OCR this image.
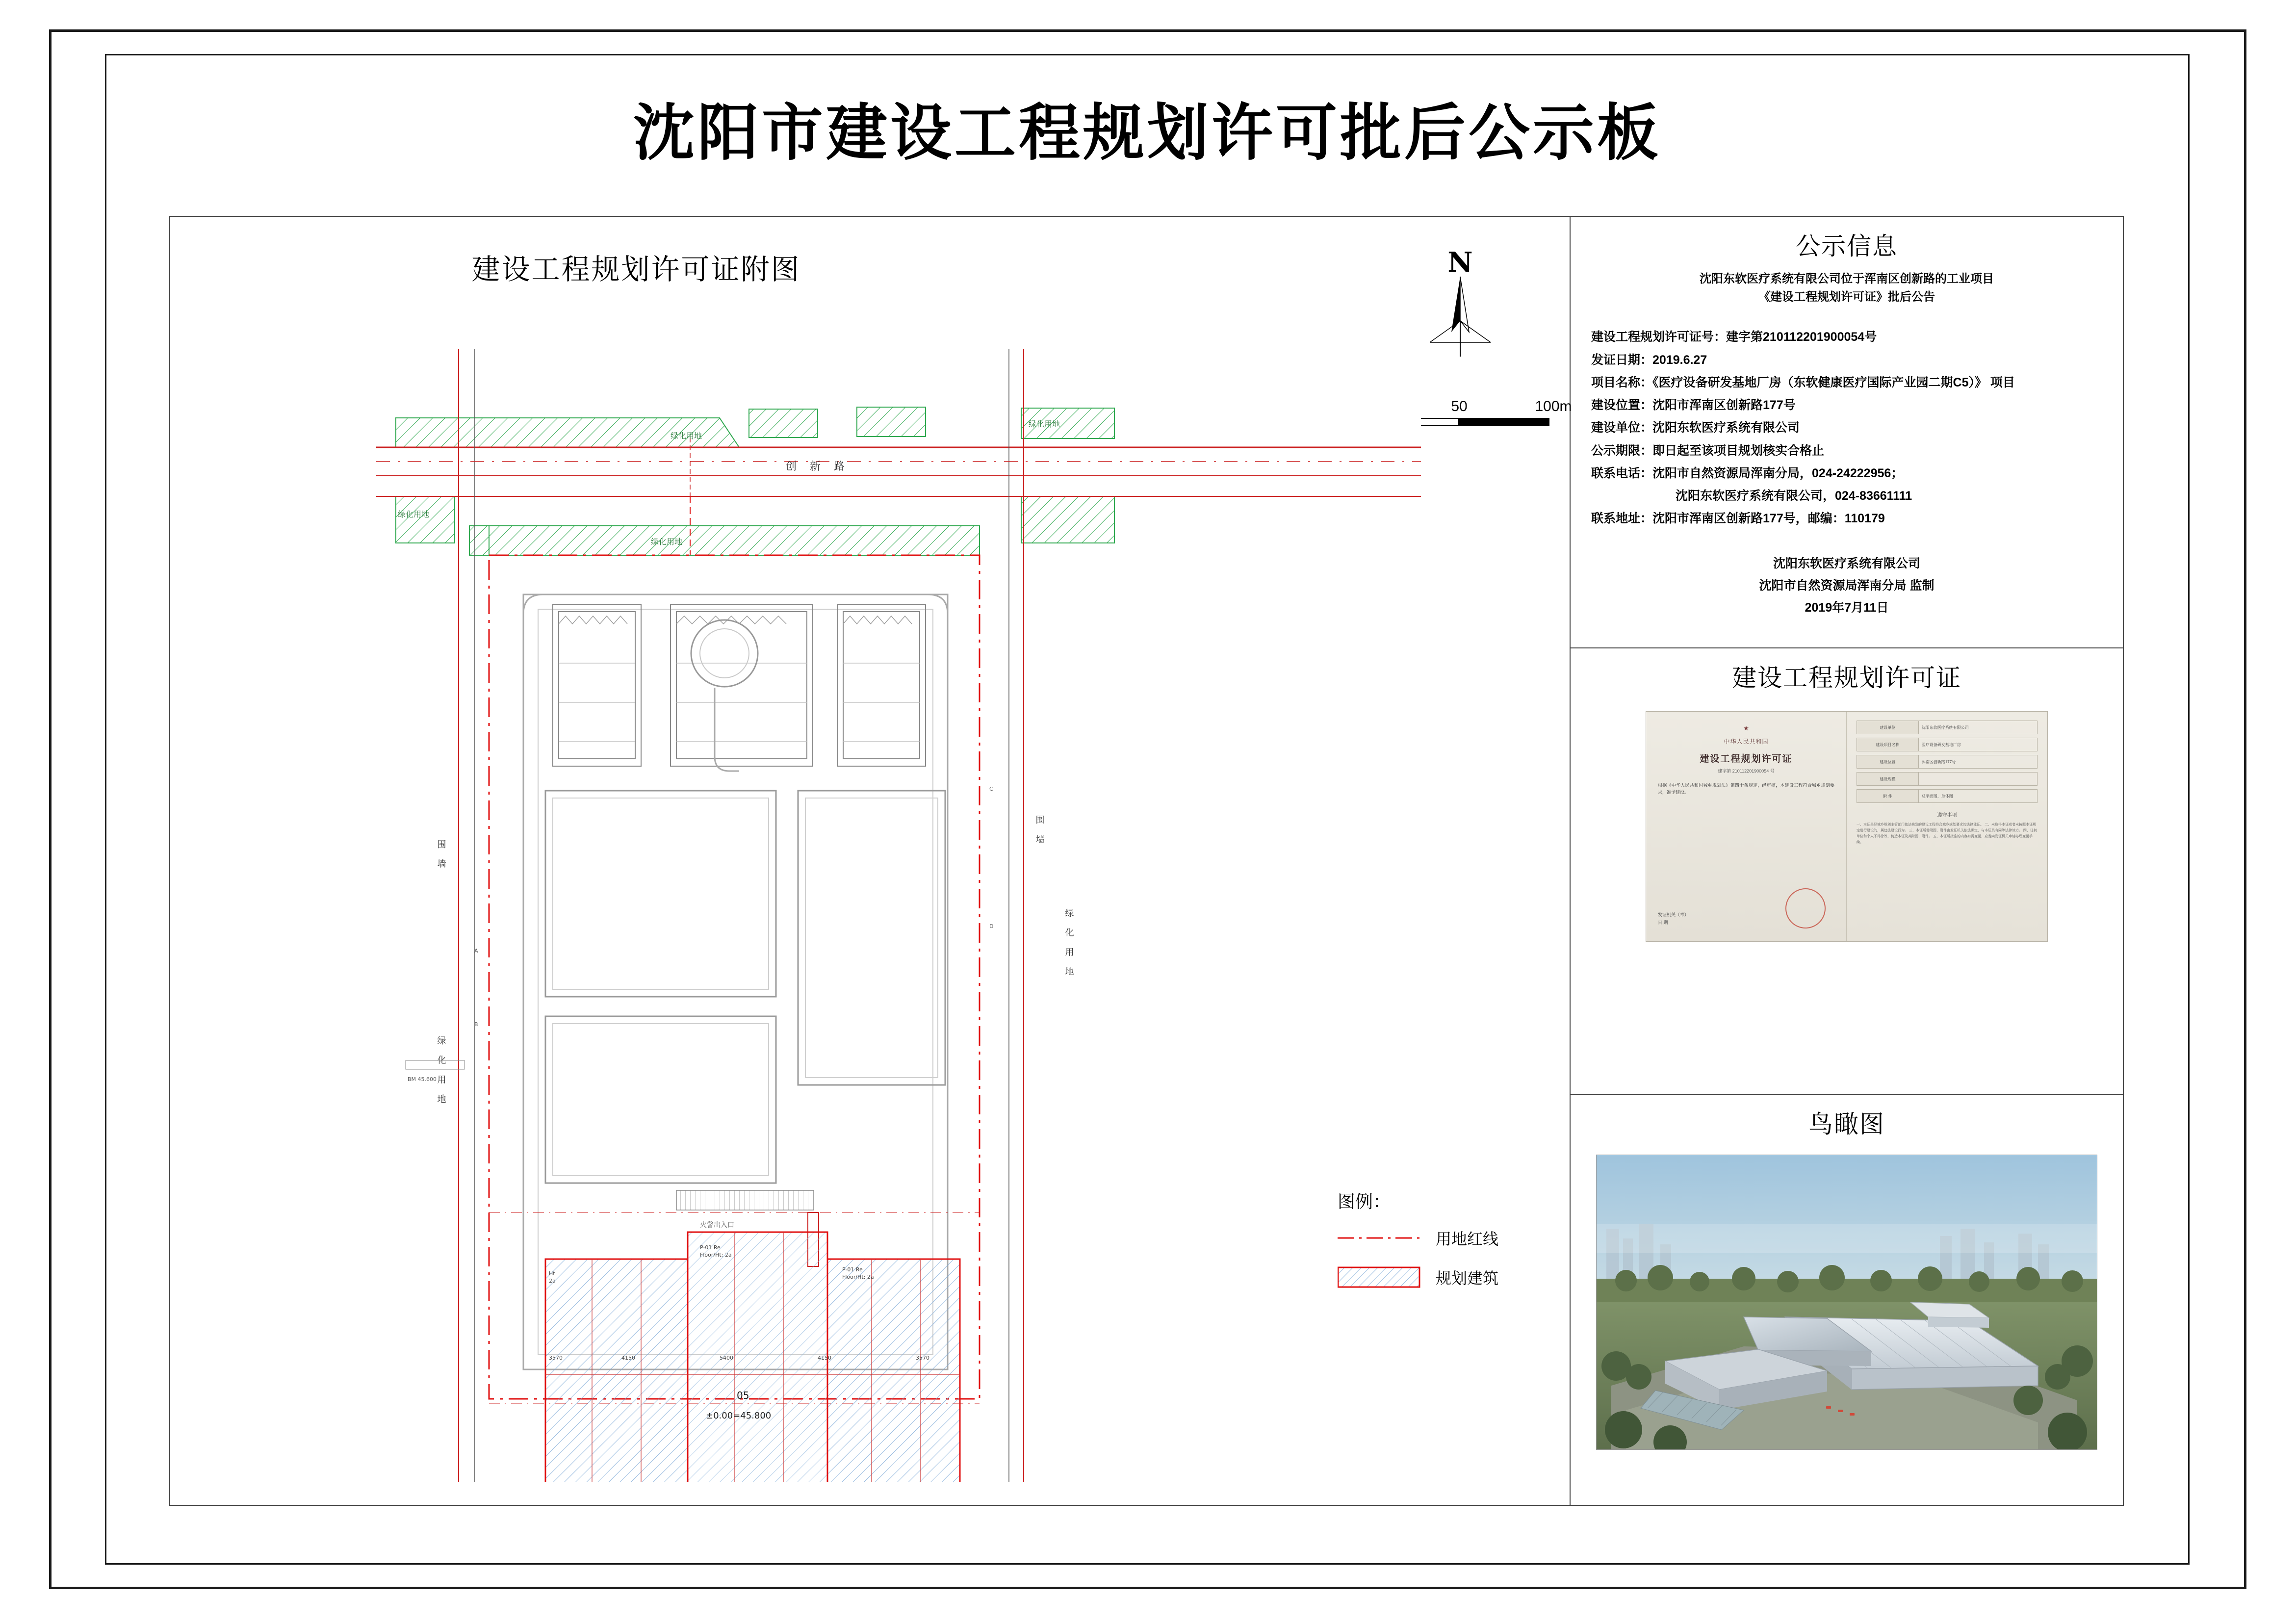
沈阳市建设工程规划许可批后公示板
建设工程规划许可证附图	N
50	100m
创 新 路
火警出入口
05
±0.00=45.800
P-01 Re
Floor/Ht: 2a
P-01 Re
Floor/Ht: 2a
Ht
2a
3570	4150	5400	4150	3570
围 墙
绿 化 用 地
围 墙
绿 化 用 地
绿化用地
绿化用地
绿化用地
绿化用地
A
B
C
D
BM 45.600
图例：
用地红线
规划建筑
公示信息
沈阳东软医疗系统有限公司位于浑南区创新路的工业项目
《建设工程规划许可证》批后公告
建设工程规划许可证号：建字第210112201900054号
发证日期：2019.6.27
项目名称：《医疗设备研发基地厂房（东软健康医疗国际产业园二期C5）》 项目
建设位置：沈阳市浑南区创新路177号
建设单位：沈阳东软医疗系统有限公司
公示期限：即日起至该项目规划核实合格止
联系电话：沈阳市自然资源局浑南分局，024-24222956；
沈阳东软医疗系统有限公司，024-83661111
联系地址：沈阳市浑南区创新路177号，邮编：110179
沈阳东软医疗系统有限公司
沈阳市自然资源局浑南分局 监制
2019年7月11日
建设工程规划许可证
★
中华人民共和国
建设工程规划许可证
建字第 210112201900054 号
根据《中华人民共和国城乡规划法》第四十条规定，经审核，本建设工程符合城乡规划要求，准予建设。
发证机关（章）
日 期
建设单位	沈阳东软医疗系统有限公司
建设项目名称	医疗设备研发基地厂房
建设位置	浑南区创新路177号
建设规模
附 件	总平面图、单体图
遵守事项
一、本证是经城乡规划主管部门依法核发的建设工程符合城乡规划要求的法律凭证。 二、未取得本证或者未按照本证规定进行建设的，属违法建设行为。 三、本证所需附图、附件由发证机关依法确定，与本证具有同等法律效力。 四、任何单位和个人不得涂改、伪造本证及其附图、附件。 五、本证所批准的内容如需变更，应当向发证机关申请办理变更手续。
鸟瞰图
